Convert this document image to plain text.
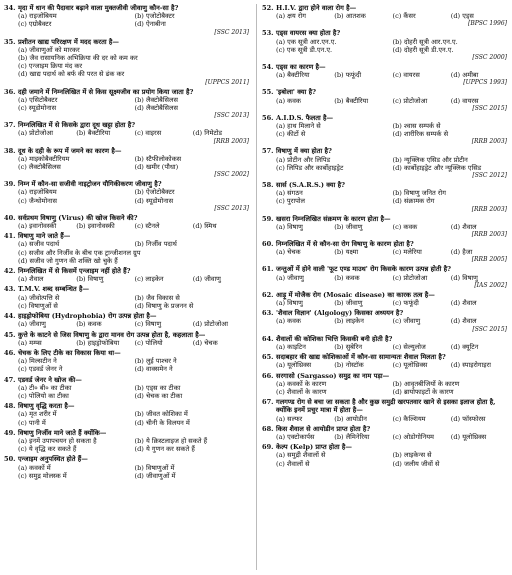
34. मृदा में धान की पैदावार बढ़ाने वाला मुक्तजीवी जीवाणु कौन-सा है?
(a) राइजोबियम	(b) एजोटोबैक्टर
(c) एग्रोबैक्टर	(d) ऐनाबीना
[SSC 2013]
35. प्रशीतन खाद्य परिरक्षण में मदद करता है—
(a) जीवाणुओं को मारकर
(b) जैव रासायनिक अभिक्रिया की दर को कम कर
(c) एन्जाइम क्रिया मंद कर
(d) खाद्य पदार्थ को बर्फ की परत से ढंक कर
[UPPCS 2011]
36. दही जमाने में निम्नलिखित में से किस सूक्ष्मजीव का प्रयोग किया जाता है?
(a) एसिटोबैक्टर	(b) लैक्टोबैसिलस
(c) स्यूडोमोनास	(d) लैक्टोबैसिलस
[SSC 2013]
37. निम्नलिखित में से किसके द्वारा दूध खट्टा होता है?
(a) प्रोटोजोआ	(b) बैक्टीरिया	(c) वाइरस	(d) निमेटोड
[RRB 2003]
38. दूध के दही के रूप में जमने का कारण है—
(a) माइकोबैक्टीरियम	(b) स्टैफीलोकोकस
(c) लैक्टोबैसिलस	(d) खमीर (पौधा)
[SSC 2002]
39. निम्न में कौन-सा सजीवी नाइट्रोजन यौगिकीकरण जीवाणु है?
(a) राइजोबियम	(b) ऐजोटोबैक्टर
(c) जैन्थोमोनास	(d) स्यूडोमोनास
[SSC 2013]
40. सर्वप्रथम विषाणु (Virus) की खोज किसने की?
(a) इवानोवस्की	(b) इवानोवस्की	(c) स्टैनले	(d) स्मिथ
41. विषाणु माने जाते हैं—
(a) सजीव पदार्थ	(b) निर्जीव पदार्थ
(c) सजीव और निर्जीव के बीच एक ट्रान्जीशनल ग्रुप
(d) सजीव जो गुणन की शक्ति खो चुके हैं
42. निम्नलिखित में से किसमें एन्जाइम नहीं होते हैं?
(a) शैवाल	(b) विषाणु	(c) लाइकेन	(d) जीवाणु
43. T.M.V. शब्द सम्बन्धित है—
(a) जीवोत्पत्ति से	(b) जैव विकास से
(c) विषाणुओं से	(d) विषाणु के प्रजनन से
44. हाइड्रोफोबिया (Hydrophobia) रोग उत्पन्न होता है—
(a) जीवाणु	(b) कवक	(c) विषाणु	(d) प्रोटोजोआ
45. कुत्ते के काटने से जिस विषाणु के द्वारा मानव रोग उत्पन्न होता है, कहलाता है—
(a) मम्प्स	(b) हाइड्रोफोबिया	(c) पोलियो	(d) चेचक
46. चेचक के लिए टीके का विकास किया था—
(a) मिल्सटीन ने	(b) लुई पाश्चर ने
(c) एडवर्ड जेनर ने	(d) वाक्समेन ने
47. एडवर्ड जेनर ने खोज की—
(a) टी० बी० का टीका	(b) एड्स का टीका
(c) पोलियो का टीका	(d) चेचक का टीका
48. विषाणु वृद्धि करता है—
(a) मृत शरीर में	(b) जीवत कोशिका में
(c) पानी में	(d) चीनी के विलयन में
49. विषाणु निर्जीव माने जाते हैं क्योंकि—
(a) इनमें उपापचयन हो सकता है	(b) ये क्रिस्टलाइज हो सकते हैं
(c) ये वृद्धि कर सकते हैं	(d) ये गुणन कर सकते हैं
50. एन्जाइम अनुपस्थित होते हैं—
(a) कवकों में	(b) विषाणुओं में
(c) समुद्र मोलस्क में	(d) जीवाणुओं में
52. H.I.V. द्वारा होने वाला रोग है—
(a) क्षय रोग	(b) आतशक	(c) कैंसर	(d) एड्स
[BPSC 1996]
53. एड्स वायरस क्या होता है?
(a) एक सूत्री आर.एन.ए.	(b) दोहरी सूत्री आर.एन.ए.
(c) एक सूत्री डी.एन.ए.	(d) दोहरी सूत्री डी.एन.ए.
[SSC 2000]
54. एड्स का कारण है—
(a) बैक्टीरिया	(b) फफूंदी	(c) वायरस	(d) अमीबा
[UPPCS 1993]
55. 'इबोला' क्या है?
(a) कवक	(b) बैक्टीरिया	(c) प्रोटोजोआ	(d) वायरस
[SSC 2015]
56. A.I.D.S. फैलता है—
(a) हाथ मिलाने से	(b) श्वास सम्पर्क से
(c) कीटों से	(d) शारीरिक सम्पर्क से
[RRB 2003]
57. विषाणु में क्या होता है?
(a) प्रोटीन और लिपिड	(b) न्यूक्लिक एसिड और प्रोटीन
(c) लिपिड और कार्बोहाइड्रेट	(d) कार्बोहाइड्रेट और न्यूक्लिक एसिड
[SSC 2012]
58. सार्स (S.A.R.S.) क्या है?
(a) संगठन	(b) विषाणु जनित रोग
(c) पुरापोल	(d) संक्रामक रोग
[RRB 2003]
59. खसरा निम्नलिखित संक्रमण के कारण होता है—
(a) विषाणु	(b) जीवाणु	(c) कवक	(d) शैवाल
[RRB 2003]
60. निम्नलिखित में से कौन-सा रोग विषाणु के कारण होता है?
(a) चेचक	(b) यक्ष्मा	(c) मलेरिया	(d) हैजा
[RRB 2005]
61. जन्तुओं में होने वाली 'फूट एण्ड माउथ' रोग किसके कारण उत्पन्न होती है?
(a) जीवाणु	(b) कवक	(c) प्रोटोजोआ	(d) विषाणु
[IAS 2002]
62. आड़ू में मोजैक रोग (Mosaic disease) का कारक तत्व है—
(a) विषाणु	(b) जीवाणु	(c) फफूंदी	(d) शैवाल
63. 'शैवाल विज्ञान' (Algology) किसका अध्ययन है?
(a) कवक	(b) लाइकेन	(c) जीवाणु	(d) शैवाल
[SSC 2015]
64. शैवालों की कोशिका भित्ति किसकी बनी होती है?
(a) काइटिन	(b) सुबेरिन	(c) सेल्युलोज	(d) क्यूटिन
65. सदाबहार की खाद्य कोशिकाओं में कौन-सा सामान्यतः शैवाल मिलता है?
(a) यूलोथ्रिक्स	(b) नोस्टॉक	(c) यूलोथ्रिक्स	(d) स्पाइरोगाइरा
66. सरगासो (Sargasso) समुद्र का नाम पड़ा—
(a) कवकों के कारण	(b) आवृतबीजियों के कारण
(c) शैवालों के कारण	(d) ब्रायोफाइटों के कारण
67. गलगण्ड रोग से बचा जा सकता है और कुछ समुद्री खरपतवार खाने से इसका इलाज होता है, क्योंकि इनमें प्रचुर मात्रा में होता है—
(a) सल्फर	(b) आयोडीन	(c) कैल्शियम	(d) फॉस्फोरस
68. किस शैवाल से आयोडीन प्राप्त होता है?
(a) एक्टोकार्पस	(b) लैमिनेरिया	(c) ओडोगोनियम	(d) यूलोथ्रिक्स
69. केल्प (Kelp) प्राप्त होता है—
(a) समुद्री शैवालों से	(b) लाइकेन्स से
(c) शैवालों से	(d) जलीय जीवों से
